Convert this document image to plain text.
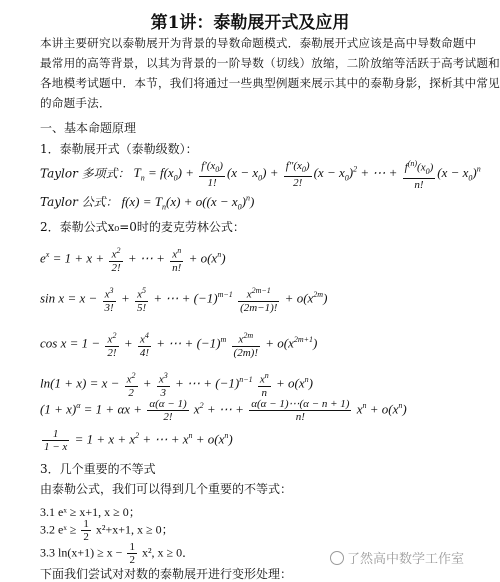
第1讲：泰勒展开式及应用
本讲主要研究以泰勒展开为背景的导数命题模式．泰勒展开式应该是高中导数命题中
最常用的高等背景，以其为背景的一阶导数（切线）放缩，二阶放缩等活跃于高考试题和
各地模考试题中．本节，我们将通过一些典型例题来展示其中的泰勒身影，探析其中常见
的命题手法．
一、基本命题原理
1．泰勒展开式（泰勒级数）：
Taylor 多项式： $T_n = f(x_0) + \frac{f'(x_0)}{1!} (x - x_0) + \frac{f''(x_0)}{2!} (x - x_0)^2$ + ⋯ + $\frac{f^{(n)}(x_0)}{n!} (x - x_0)^n$
Taylor 公式： $f(x) = T_n(x) + o((x - x_0)^n)$
2．泰勒公式x₀=0时的麦克劳林公式：
$e^x = 1 + x + \frac{x^2}{2!}$ + ⋯ + $\frac{x^n}{n!} + o(x^n)$
$\sin x = x - \frac{x^3}{3!} + \frac{x^5}{5!}$ + ⋯ + $(-1)^{m-1} \frac{x^{2m-1}}{(2m-1)!} + o(x^{2m})$
$\cos x = 1 - \frac{x^2}{2!} + \frac{x^4}{4!}$ + ⋯ + $(-1)^m \frac{x^{2m}}{(2m)!} + o(x^{2m+1})$
$\ln(1 + x) = x - \frac{x^2}{2} + \frac{x^3}{3}$ + ⋯ + $(-1)^{n-1} \frac{x^n}{n} + o(x^n)$
$(1 + x)^\alpha = 1 + \alpha x + \frac{\alpha(\alpha - 1)}{2!} x^2$ + ⋯ + $\frac{\alpha(\alpha - 1)\cdots(\alpha - n + 1)}{n!} x^n + o(x^n)$
$\frac{1}{1 - x} = 1 + x + x^2$ + ⋯ + $x^n + o(x^n)$
3．几个重要的不等式
由泰勒公式，我们可以得到几个重要的不等式：
3.1 eˣ ≥ x+1, x ≥ 0；
3.2 eˣ ≥ $\frac{1}{2} x^2+x+1$, x ≥ 0；
3.3 $\ln(x+1) \ge x - \frac{1}{2} x^2$, x ≥ 0．
下面我们尝试对对数的泰勒展开进行变形处理：
了然高中数学工作室
